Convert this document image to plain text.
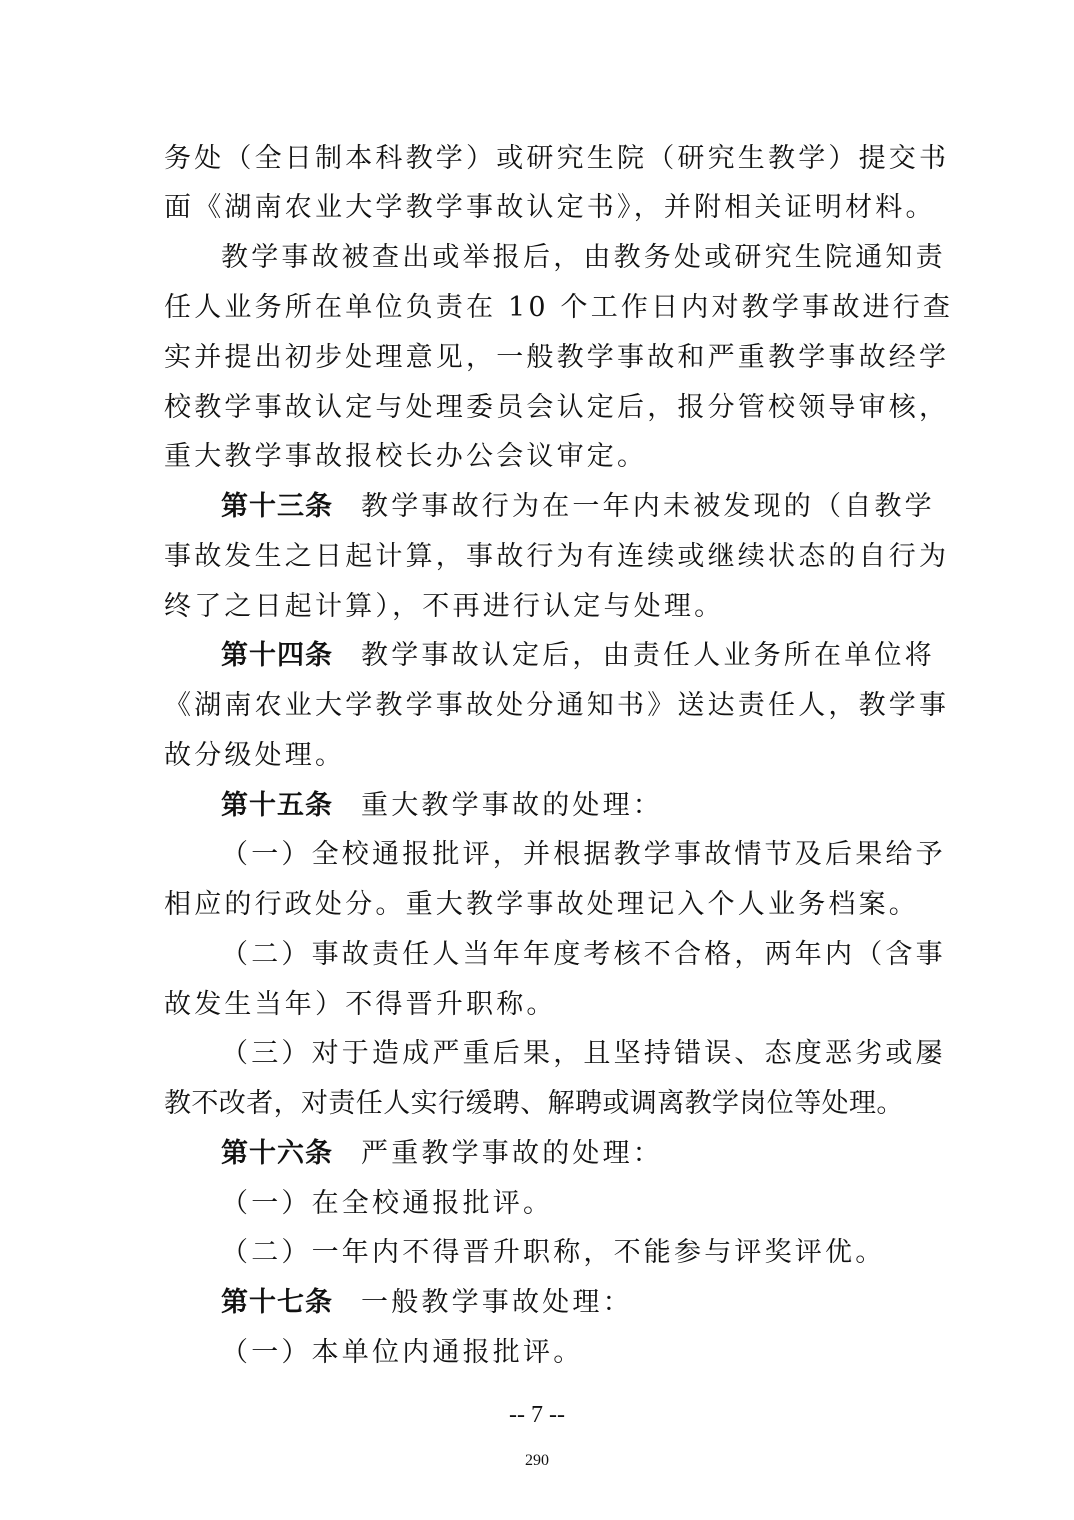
务处（全日制本科教学）或研究生院（研究生教学）提交书
面《湖南农业大学教学事故认定书》，并附相关证明材料。
教学事故被查出或举报后，由教务处或研究生院通知责
任人业务所在单位负责在 10 个工作日内对教学事故进行查
实并提出初步处理意见，一般教学事故和严重教学事故经学
校教学事故认定与处理委员会认定后，报分管校领导审核，
重大教学事故报校长办公会议审定。
第十三条 教学事故行为在一年内未被发现的（自教学
事故发生之日起计算，事故行为有连续或继续状态的自行为
终了之日起计算），不再进行认定与处理。
第十四条 教学事故认定后，由责任人业务所在单位将
《湖南农业大学教学事故处分通知书》送达责任人，教学事
故分级处理。
第十五条 重大教学事故的处理：
（一）全校通报批评，并根据教学事故情节及后果给予
相应的行政处分。重大教学事故处理记入个人业务档案。
（二）事故责任人当年年度考核不合格，两年内（含事
故发生当年）不得晋升职称。
（三）对于造成严重后果，且坚持错误、态度恶劣或屡
教不改者，对责任人实行缓聘、解聘或调离教学岗位等处理。
第十六条 严重教学事故的处理：
（一）在全校通报批评。
（二）一年内不得晋升职称，不能参与评奖评优。
第十七条 一般教学事故处理：
（一）本单位内通报批评。
-- 7 --
290
